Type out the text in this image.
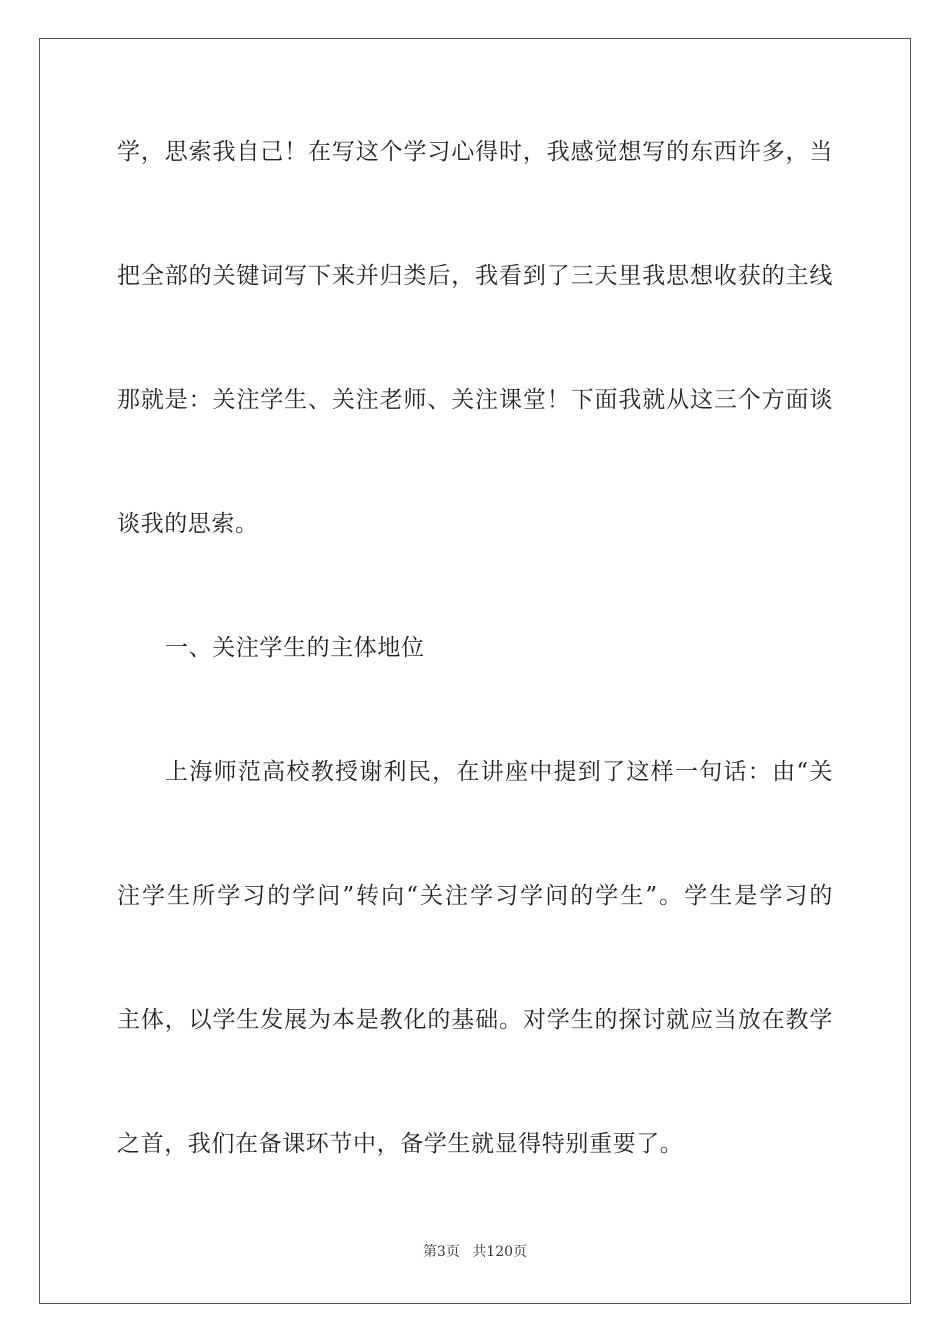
学，思索我自己！在写这个学习心得时，我感觉想写的东西许多，当
把全部的关键词写下来并归类后，我看到了三天里我思想收获的主线
那就是：关注学生、关注老师、关注课堂！下面我就从这三个方面谈
谈我的思索。
一、关注学生的主体地位
上海师范高校教授谢利民，在讲座中提到了这样一句话：由“关
注学生所学习的学问”转向“关注学习学问的学生”。学生是学习的
主体，以学生发展为本是教化的基础。对学生的探讨就应当放在教学
之首，我们在备课环节中，备学生就显得特别重要了。
第3页 共120页
